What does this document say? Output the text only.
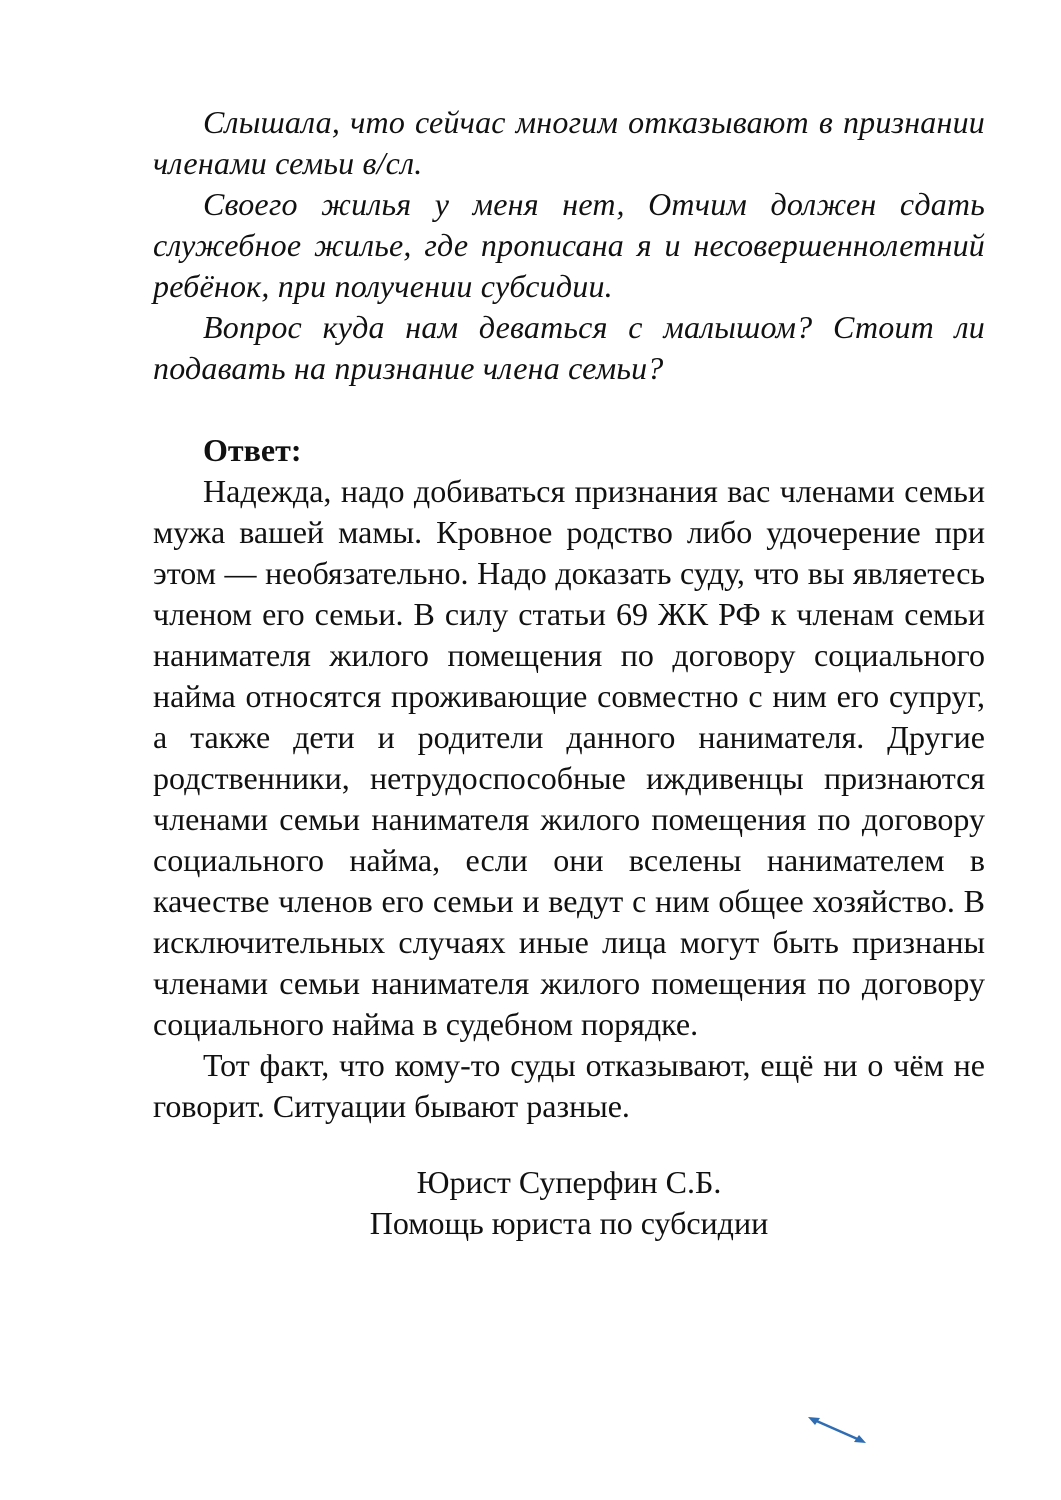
Слышала, что сейчас многим отказывают в признании членами семьи в/сл.

Своего жилья у меня нет, Отчим должен сдать служебное жилье, где прописана я и несовершеннолетний ребёнок, при получении субсидии.

Вопрос куда нам деваться с малышом? Стоит ли подавать на признание члена семьи?

Ответ:

Надежда, надо добиваться признания вас членами семьи мужа вашей мамы. Кровное родство либо удочерение при этом — необязательно. Надо доказать суду, что вы являетесь членом его семьи. В силу статьи 69 ЖК РФ к членам семьи нанимателя жилого помещения по договору социального найма относятся проживающие совместно с ним его супруг, а также дети и родители данного нанимателя. Другие родственники, нетрудоспособные иждивенцы признаются членами семьи нанимателя жилого помещения по договору социального найма, если они вселены нанимателем в качестве членов его семьи и ведут с ним общее хозяйство. В исключительных случаях иные лица могут быть признаны членами семьи нанимателя жилого помещения по договору социального найма в судебном порядке.

Тот факт, что кому-то суды отказывают, ещё ни о чём не говорит. Ситуации бывают разные.

Юрист Суперфин С.Б.

Помощь юриста по субсидии
